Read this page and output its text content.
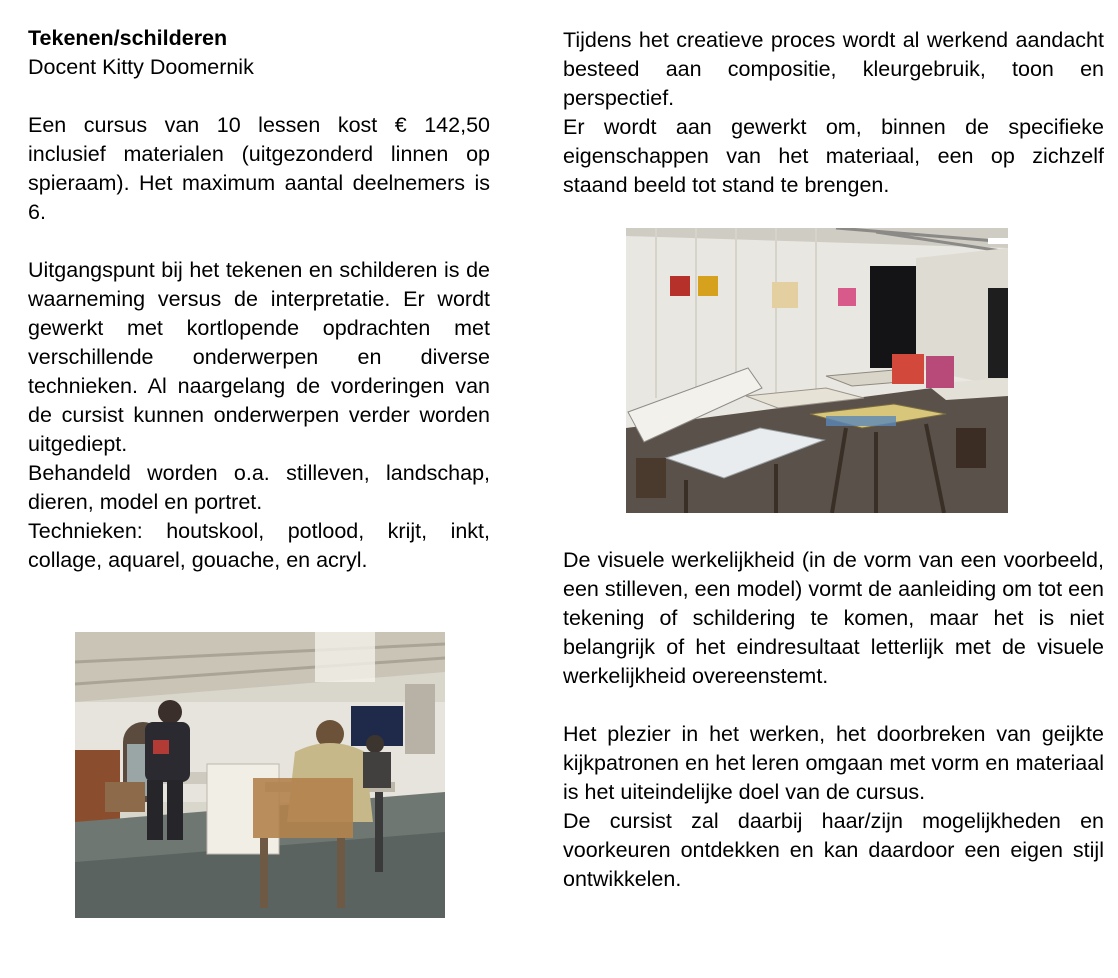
Tekenen/schilderen
Docent Kitty Doomernik

Een cursus van 10 lessen kost € 142,50 inclusief materialen (uitgezonderd linnen op spieraam). Het maximum aantal deelnemers is 6.

Uitgangspunt bij het tekenen en schilderen is de waarneming versus de interpretatie. Er wordt gewerkt met kortlopende opdrachten met verschillende onderwerpen en diverse technieken. Al naargelang de vorderingen van de cursist kunnen onderwerpen verder worden uitgediept.

Behandeld worden o.a. stilleven, landschap, dieren, model en portret.

Technieken: houtskool, potlood, krijt, inkt, collage, aquarel, gouache, en acryl.

Tijdens het creatieve proces wordt al werkend aandacht besteed aan compositie, kleurgebruik, toon en perspectief.

Er wordt aan gewerkt om, binnen de specifieke eigenschappen van het materiaal, een op zichzelf staand beeld tot stand te brengen.

De visuele werkelijkheid (in de vorm van een voorbeeld, een stilleven, een model) vormt de aanleiding om tot een tekening of schildering te komen, maar het is niet belangrijk of het eindresultaat letterlijk met de visuele werkelijkheid overeenstemt.

Het plezier in het werken, het doorbreken van geijkte kijkpatronen en het leren omgaan met vorm en materiaal is het uiteindelijke doel van de cursus.

De cursist zal daarbij haar/zijn mogelijkheden en voorkeuren ontdekken en kan daardoor een eigen stijl ontwikkelen.
